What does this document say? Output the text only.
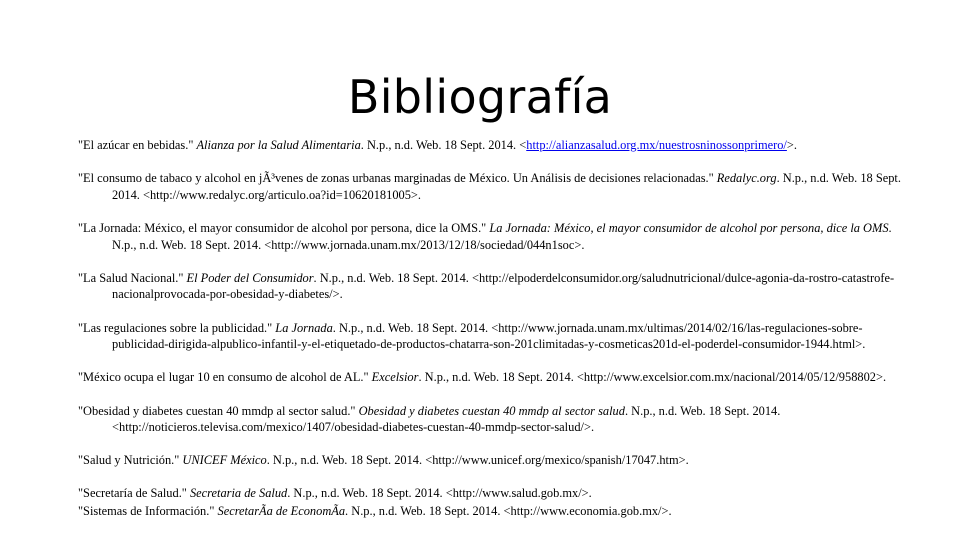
Bibliografía

"El azúcar en bebidas." Alianza por la Salud Alimentaria. N.p., n.d. Web. 18 Sept. 2014. <http://alianzasalud.org.mx/nuestrosninossonprimero/>.

"El consumo de tabaco y alcohol en jÃ³venes de zonas urbanas marginadas de México. Un Análisis de decisiones relacionadas." Redalyc.org. N.p., n.d. Web. 18 Sept. 2014. <http://www.redalyc.org/articulo.oa?id=10620181005>.

"La Jornada: México, el mayor consumidor de alcohol por persona, dice la OMS." La Jornada: México, el mayor consumidor de alcohol por persona, dice la OMS. N.p., n.d. Web. 18 Sept. 2014. <http://www.jornada.unam.mx/2013/12/18/sociedad/044n1soc>.

"La Salud Nacional." El Poder del Consumidor. N.p., n.d. Web. 18 Sept. 2014. <http://elpoderdelconsumidor.org/saludnutricional/dulce-agonia-da-rostro-catastrofe-nacionalprovocada-por-obesidad-y-diabetes/>.

"Las regulaciones sobre la publicidad." La Jornada. N.p., n.d. Web. 18 Sept. 2014. <http://www.jornada.unam.mx/ultimas/2014/02/16/las-regulaciones-sobre-publicidad-dirigida-alpublico-infantil-y-el-etiquetado-de-productos-chatarra-son-201climitadas-y-cosmeticas201d-el-poderdel-consumidor-1944.html>.

"México ocupa el lugar 10 en consumo de alcohol de AL." Excelsior. N.p., n.d. Web. 18 Sept. 2014. <http://www.excelsior.com.mx/nacional/2014/05/12/958802>.

"Obesidad y diabetes cuestan 40 mmdp al sector salud." Obesidad y diabetes cuestan 40 mmdp al sector salud. N.p., n.d. Web. 18 Sept. 2014. <http://noticieros.televisa.com/mexico/1407/obesidad-diabetes-cuestan-40-mmdp-sector-salud/>.

"Salud y Nutrición." UNICEF México. N.p., n.d. Web. 18 Sept. 2014. <http://www.unicef.org/mexico/spanish/17047.htm>.

"Secretaría de Salud." Secretaria de Salud. N.p., n.d. Web. 18 Sept. 2014. <http://www.salud.gob.mx/>.

"Sistemas de Información." SecretarÃa de EconomÃa. N.p., n.d. Web. 18 Sept. 2014. <http://www.economia.gob.mx/>.
